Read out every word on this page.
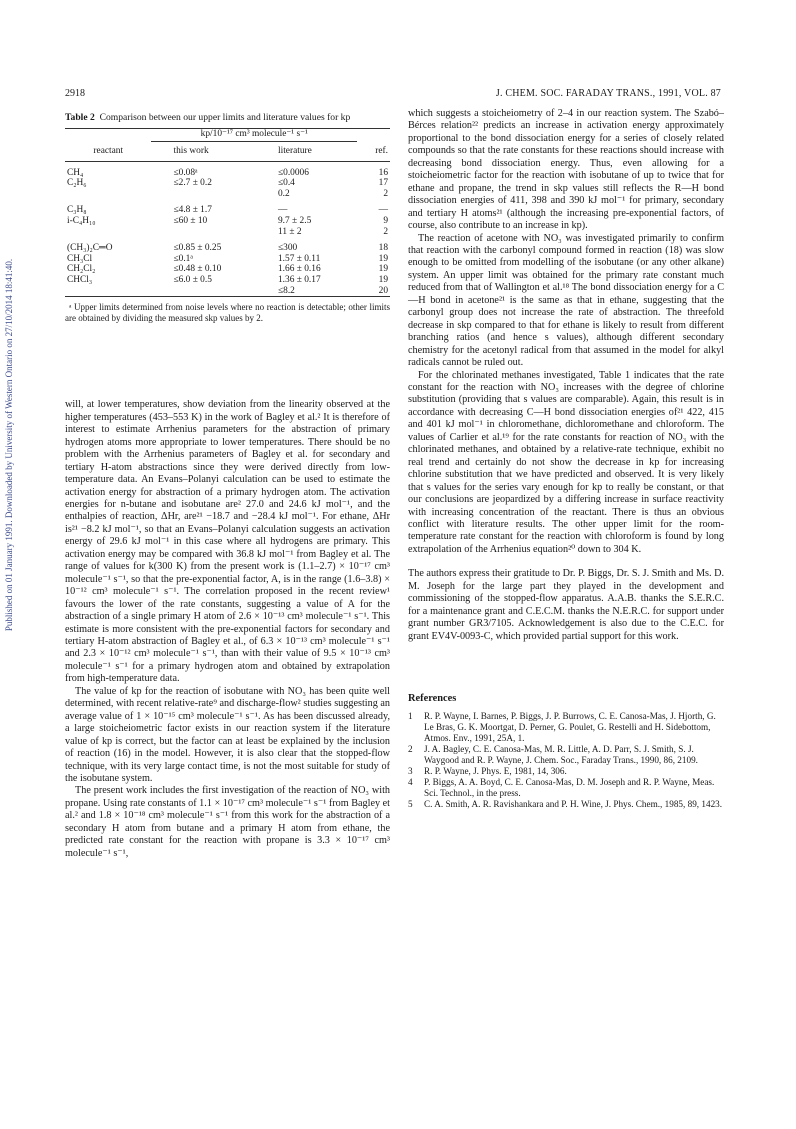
Published on 01 January 1991. Downloaded by University of Western Ontario on 27/10/2014 18:41:40.
2918	J. CHEM. SOC. FARADAY TRANS., 1991, VOL. 87
Table 2 Comparison between our upper limits and literature values for kp
	kp/10⁻¹⁷ cm³ molecule⁻¹ s⁻¹		
reactant	this work	literature	ref.

CH₄	≤0.08ᵃ	≤0.0006	16
C₂H₆	≤2.7 ± 0.2	≤0.4	17
		0.2	2

C₃H₈	≤4.8 ± 1.7	—	—
i-C₄H₁₀	≤60 ± 10	9.7 ± 2.5	9
		11 ± 2	2

(CH₃)₂C═O	≤0.85 ± 0.25	≤300	18
CH₃Cl	≤0.1ᵃ	1.57 ± 0.11	19
CH₂Cl₂	≤0.48 ± 0.10	1.66 ± 0.16	19
CHCl₃	≤6.0 ± 0.5	1.36 ± 0.17	19
		≤8.2	20
ᵃ Upper limits determined from noise levels where no reaction is detectable; other limits are obtained by dividing the measured skp values by 2.

will, at lower temperatures, show deviation from the linearity observed at the higher temperatures (453–553 K) in the work of Bagley et al.² It is therefore of interest to estimate Arrhenius parameters for the abstraction of primary hydrogen atoms more appropriate to lower temperatures. There should be no problem with the Arrhenius parameters of Bagley et al. for secondary and tertiary H-atom abstractions since they were derived directly from low-temperature data. An Evans–Polanyi calculation can be used to estimate the activation energy for abstraction of a primary hydrogen atom. The activation energies for n-butane and isobutane are² 27.0 and 24.6 kJ mol⁻¹, and the enthalpies of reaction, ΔHr, are²¹ −18.7 and −28.4 kJ mol⁻¹. For ethane, ΔHr is²¹ −8.2 kJ mol⁻¹, so that an Evans–Polanyi calculation suggests an activation energy of 29.6 kJ mol⁻¹ in this case where all hydrogens are primary. This activation energy may be compared with 36.8 kJ mol⁻¹ from Bagley et al. The range of values for k(300 K) from the present work is (1.1–2.7) × 10⁻¹⁷ cm³ molecule⁻¹ s⁻¹, so that the pre-exponential factor, A, is in the range (1.6–3.8) × 10⁻¹² cm³ molecule⁻¹ s⁻¹. The correlation proposed in the recent review¹ favours the lower of the rate constants, suggesting a value of A for the abstraction of a single primary H atom of 2.6 × 10⁻¹³ cm³ molecule⁻¹ s⁻¹. This estimate is more consistent with the pre-exponential factors for secondary and tertiary H-atom abstraction of Bagley et al., of 6.3 × 10⁻¹³ cm³ molecule⁻¹ s⁻¹ and 2.3 × 10⁻¹² cm³ molecule⁻¹ s⁻¹, than with their value of 9.5 × 10⁻¹³ cm³ molecule⁻¹ s⁻¹ for a primary hydrogen atom and obtained by extrapolation from high-temperature data.

The value of kp for the reaction of isobutane with NO₃ has been quite well determined, with recent relative-rate⁹ and discharge-flow² studies suggesting an average value of 1 × 10⁻¹⁵ cm³ molecule⁻¹ s⁻¹. As has been discussed already, a large stoicheiometric factor exists in our reaction system if the literature value of kp is correct, but the factor can at least be explained by the inclusion of reaction (16) in the model. However, it is also clear that the stopped-flow technique, with its very large contact time, is not the most suitable for study of the isobutane system.

The present work includes the first investigation of the reaction of NO₃ with propane. Using rate constants of 1.1 × 10⁻¹⁷ cm³ molecule⁻¹ s⁻¹ from Bagley et al.² and 1.8 × 10⁻¹⁸ cm³ molecule⁻¹ s⁻¹ from this work for the abstraction of a secondary H atom from butane and a primary H atom from ethane, the predicted rate constant for the reaction with propane is 3.3 × 10⁻¹⁷ cm³ molecule⁻¹ s⁻¹,

which suggests a stoicheiometry of 2–4 in our reaction system. The Szabó–Bérces relation²² predicts an increase in activation energy approximately proportional to the bond dissociation energy for a series of closely related compounds so that the rate constants for these reactions should increase with decreasing bond dissociation energy. Thus, even allowing for a stoicheiometric factor for the reaction with isobutane of up to twice that for ethane and propane, the trend in skp values still reflects the R—H bond dissociation energies of 411, 398 and 390 kJ mol⁻¹ for primary, secondary and tertiary H atoms²¹ (although the increasing pre-exponential factors, of course, also contribute to an increase in kp).

The reaction of acetone with NO₃ was investigated primarily to confirm that reaction with the carbonyl compound formed in reaction (18) was slow enough to be omitted from modelling of the isobutane (or any other alkane) system. An upper limit was obtained for the primary rate constant much reduced from that of Wallington et al.¹⁸ The bond dissociation energy for a C—H bond in acetone²¹ is the same as that in ethane, suggesting that the carbonyl group does not increase the rate of abstraction. The threefold decrease in skp compared to that for ethane is likely to result from different branching ratios (and hence s values), although different secondary chemistry for the acetonyl radical from that assumed in the model for alkyl radicals cannot be ruled out.

For the chlorinated methanes investigated, Table 1 indicates that the rate constant for the reaction with NO₃ increases with the degree of chlorine substitution (providing that s values are comparable). Again, this result is in accordance with decreasing C—H bond dissociation energies of²¹ 422, 415 and 401 kJ mol⁻¹ in chloromethane, dichloromethane and chloroform. The values of Carlier et al.¹⁹ for the rate constants for reaction of NO₃ with the chlorinated methanes, and obtained by a relative-rate technique, exhibit no real trend and certainly do not show the decrease in kp for increasing chlorine substitution that we have predicted and observed. It is very likely that s values for the series vary enough for kp to really be constant, or that our conclusions are jeopardized by a differing increase in surface reactivity with increasing concentration of the reactant. There is thus an obvious conflict with literature results. The other upper limit for the room-temperature rate constant for the reaction with chloroform is found by long extrapolation of the Arrhenius equation²⁰ down to 304 K.

The authors express their gratitude to Dr. P. Biggs, Dr. S. J. Smith and Ms. D. M. Joseph for the large part they played in the development and commissioning of the stopped-flow apparatus. A.A.B. thanks the S.E.R.C. for a maintenance grant and C.E.C.M. thanks the N.E.R.C. for support under grant number GR3/7105. Acknowledgement is also due to the C.E.C. for grant EV4V-0093-C, which provided partial support for this work.

References
1	R. P. Wayne, I. Barnes, P. Biggs, J. P. Burrows, C. E. Canosa-Mas, J. Hjorth, G. Le Bras, G. K. Moortgat, D. Perner, G. Poulet, G. Restelli and H. Sidebottom, Atmos. Env., 1991, 25A, 1.
2	J. A. Bagley, C. E. Canosa-Mas, M. R. Little, A. D. Parr, S. J. Smith, S. J. Waygood and R. P. Wayne, J. Chem. Soc., Faraday Trans., 1990, 86, 2109.
3	R. P. Wayne, J. Phys. E, 1981, 14, 306.
4	P. Biggs, A. A. Boyd, C. E. Canosa-Mas, D. M. Joseph and R. P. Wayne, Meas. Sci. Technol., in the press.
5	C. A. Smith, A. R. Ravishankara and P. H. Wine, J. Phys. Chem., 1985, 89, 1423.
